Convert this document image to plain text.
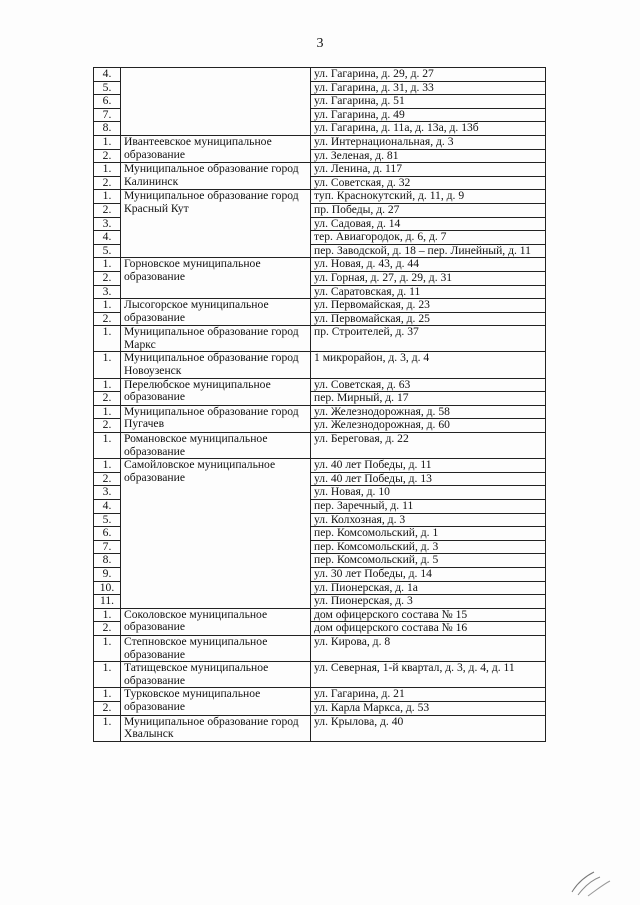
3
4.		ул. Гагарина, д. 29, д. 27
5.		ул. Гагарина, д. 31, д. 33
6.		ул. Гагарина, д. 51
7.		ул. Гагарина, д. 49
8.		ул. Гагарина, д. 11а, д. 13а, д. 13б
1.	Ивантеевское муниципальное образование	ул. Интернациональная, д. 3
2.		ул. Зеленая, д. 81
1.	Муниципальное образование город Калининск	ул. Ленина, д. 117
2.		ул. Советская, д. 32
1.	Муниципальное образование город Красный Кут	туп. Краснокутский, д. 11, д. 9
2.		пр. Победы, д. 27
3.		ул. Садовая, д. 14
4.		тер. Авиагородок, д. 6, д. 7
5.		пер. Заводской, д. 18 – пер. Линейный, д. 11
1.	Горновское муниципальное образование	ул. Новая, д. 43, д. 44
2.		ул. Горная, д. 27, д. 29, д. 31
3.		ул. Саратовская, д. 11
1.	Лысогорское муниципальное образование	ул. Первомайская, д. 23
2.		ул. Первомайская, д. 25
1.	Муниципальное образование город Маркс	пр. Строителей, д. 37
1.	Муниципальное образование город Новоузенск	1 микрорайон, д. 3, д. 4
1.	Перелюбское муниципальное образование	ул. Советская, д. 63
2.		пер. Мирный, д. 17
1.	Муниципальное образование город Пугачев	ул. Железнодорожная, д. 58
2.		ул. Железнодорожная, д. 60
1.	Романовское муниципальное образование	ул. Береговая, д. 22
1.	Самойловское муниципальное образование	ул. 40 лет Победы, д. 11
2.		ул. 40 лет Победы, д. 13
3.		ул. Новая, д. 10
4.		пер. Заречный, д. 11
5.		ул. Колхозная, д. 3
6.		пер. Комсомольский, д. 1
7.		пер. Комсомольский, д. 3
8.		пер. Комсомольский, д. 5
9.		ул. 30 лет Победы, д. 14
10.		ул. Пионерская, д. 1а
11.		ул. Пионерская, д. 3
1.	Соколовское муниципальное образование	дом офицерского состава № 15
2.		дом офицерского состава № 16
1.	Степновское муниципальное образование	ул. Кирова, д. 8
1.	Татищевское муниципальное образование	ул. Северная, 1-й квартал, д. 3, д. 4, д. 11
1.	Турковское муниципальное образование	ул. Гагарина, д. 21
2.		ул. Карла Маркса, д. 53
1.	Муниципальное образование город Хвалынск	ул. Крылова, д. 40
